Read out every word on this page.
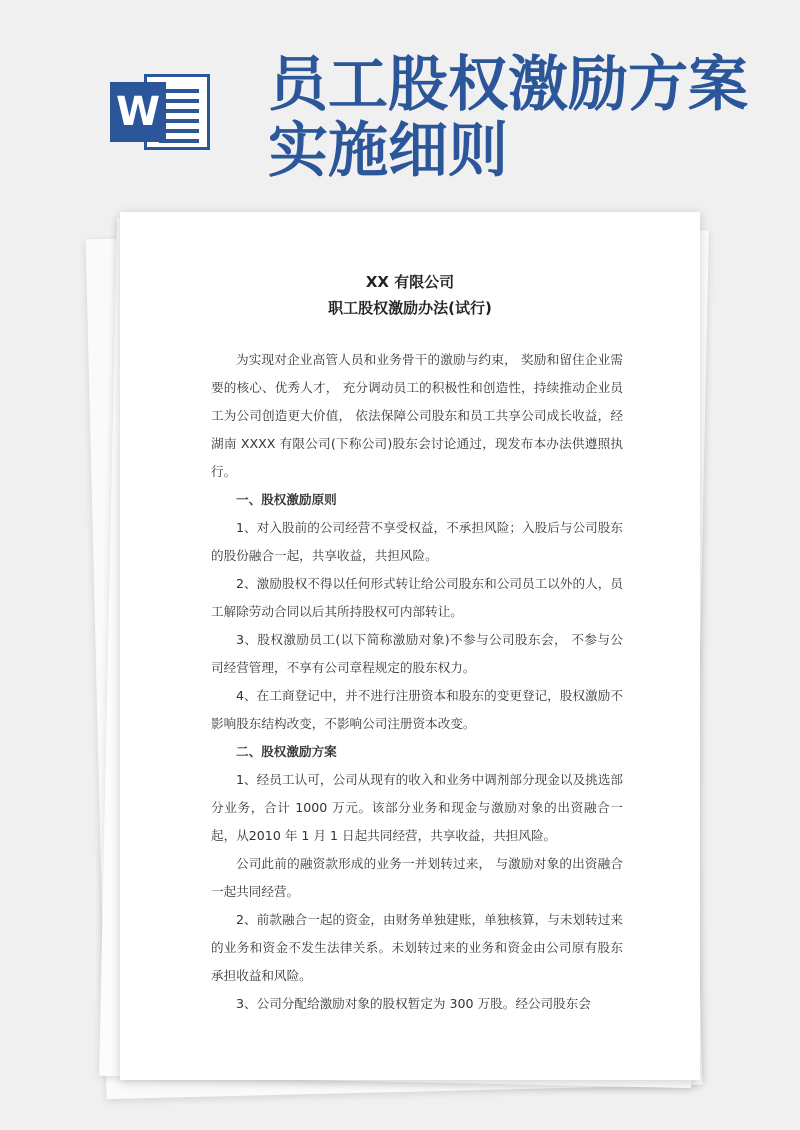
W 员工股权激励方案
实施细则
XX 有限公司
职工股权激励办法(试行)

为实现对企业高管人员和业务骨干的激励与约束， 奖励和留住企业需要的核心、优秀人才， 充分调动员工的积极性和创造性，持续推动企业员工为公司创造更大价值， 依法保障公司股东和员工共享公司成长收益，经湖南 XXXX 有限公司(下称公司)股东会讨论通过，现发布本办法供遵照执行。

一、股权激励原则

1、对入股前的公司经营不享受权益，不承担风险；入股后与公司股东的股份融合一起，共享收益，共担风险。

2、激励股权不得以任何形式转让给公司股东和公司员工以外的人，员工解除劳动合同以后其所持股权可内部转让。

3、股权激励员工(以下简称激励对象)不参与公司股东会， 不参与公司经营管理，不享有公司章程规定的股东权力。

4、在工商登记中，并不进行注册资本和股东的变更登记，股权激励不影响股东结构改变，不影响公司注册资本改变。

二、股权激励方案

1、经员工认可，公司从现有的收入和业务中调剂部分现金以及挑选部分业务，合计 1000 万元。该部分业务和现金与激励对象的出资融合一起，从2010 年 1 月 1 日起共同经营，共享收益，共担风险。

公司此前的融资款形成的业务一并划转过来， 与激励对象的出资融合一起共同经营。

2、前款融合一起的资金，由财务单独建账，单独核算，与未划转过来的业务和资金不发生法律关系。未划转过来的业务和资金由公司原有股东承担收益和风险。

3、公司分配给激励对象的股权暂定为 300 万股。经公司股东会
